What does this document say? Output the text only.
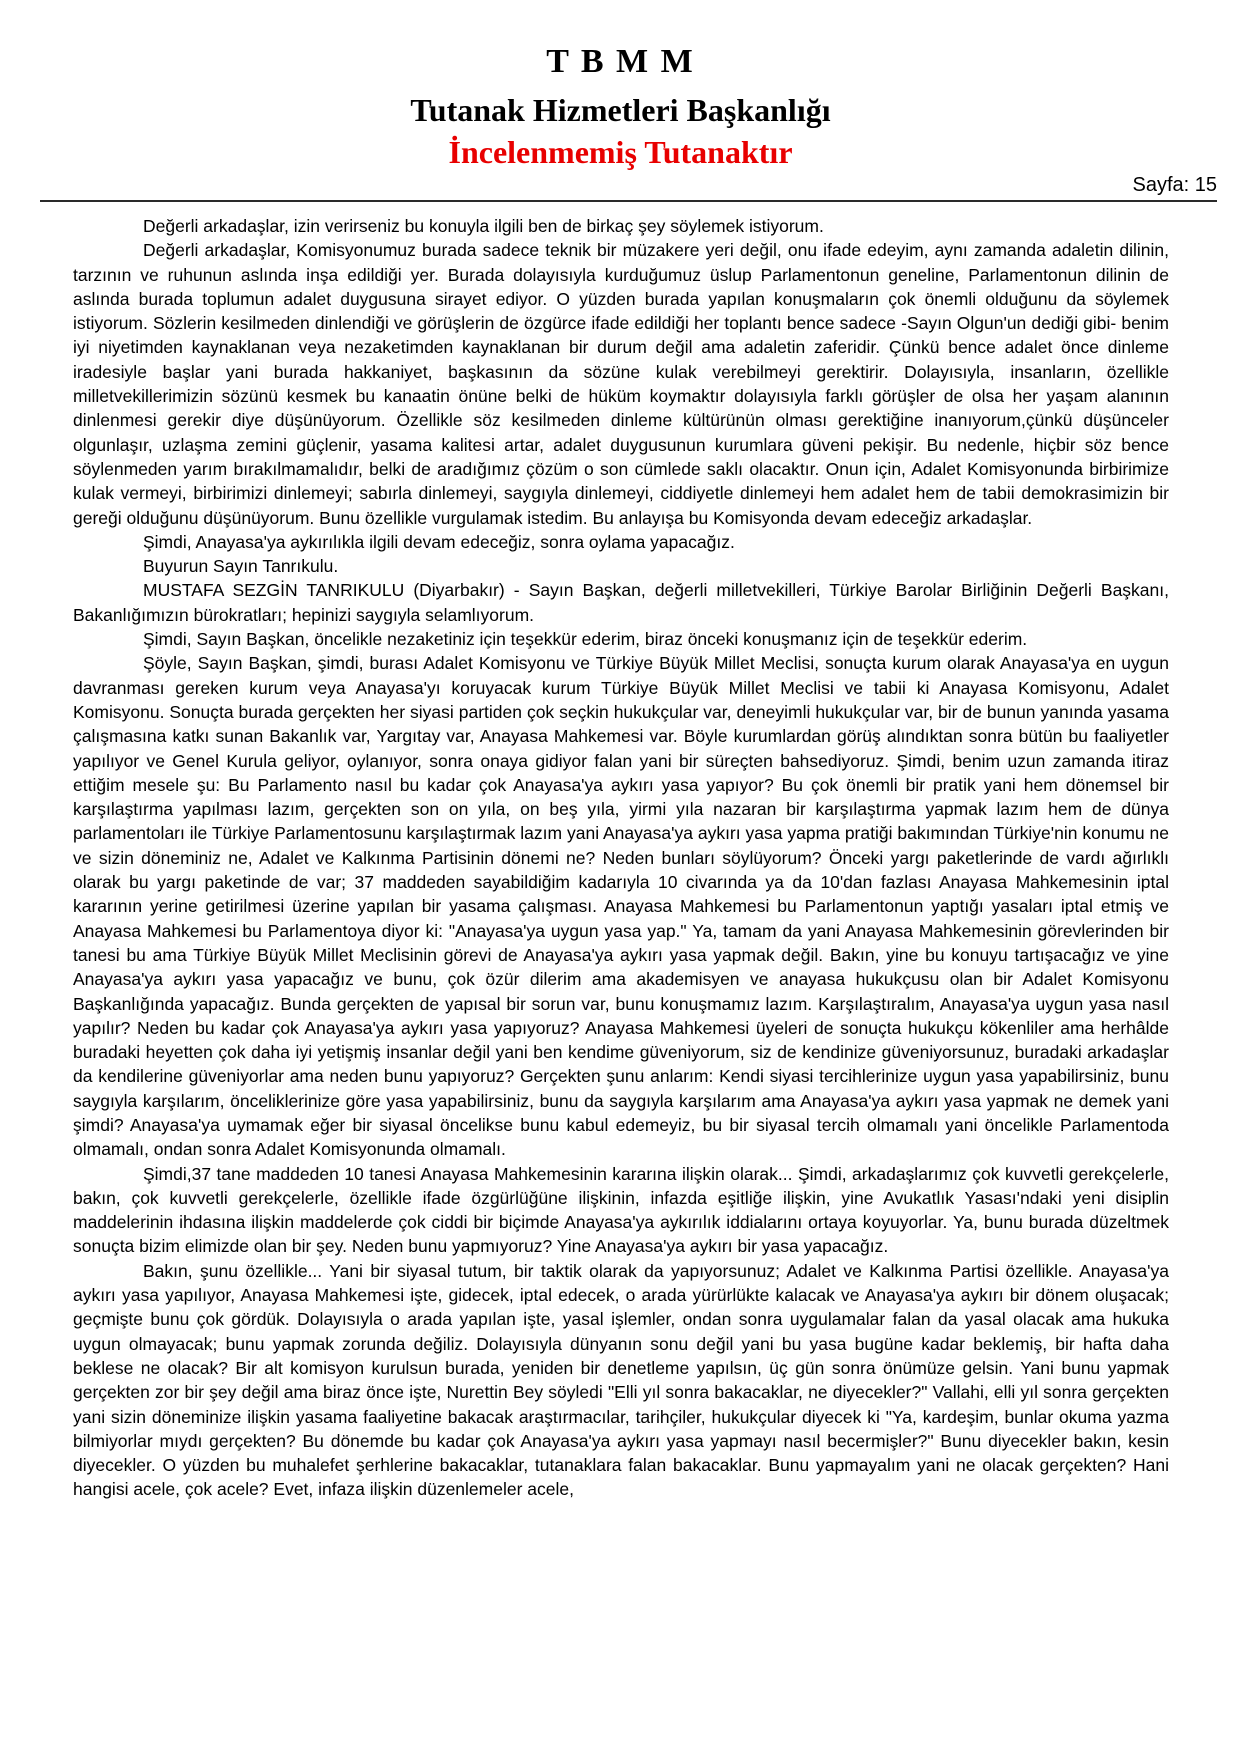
T B M M
Tutanak Hizmetleri Başkanlığı
İncelenmemiş Tutanaktır
Sayfa: 15

Değerli arkadaşlar, izin verirseniz bu konuyla ilgili ben de birkaç şey söylemek istiyorum.

Değerli arkadaşlar, Komisyonumuz burada sadece teknik bir müzakere yeri değil, onu ifade edeyim, aynı zamanda adaletin dilinin, tarzının ve ruhunun aslında inşa edildiği yer. Burada dolayısıyla kurduğumuz üslup Parlamentonun geneline, Parlamentonun dilinin de aslında burada toplumun adalet duygusuna sirayet ediyor. O yüzden burada yapılan konuşmaların çok önemli olduğunu da söylemek istiyorum. Sözlerin kesilmeden dinlendiği ve görüşlerin de özgürce ifade edildiği her toplantı bence sadece -Sayın Olgun'un dediği gibi- benim iyi niyetimden kaynaklanan veya nezaketimden kaynaklanan bir durum değil ama adaletin zaferidir. Çünkü bence adalet önce dinleme iradesiyle başlar yani burada hakkaniyet, başkasının da sözüne kulak verebilmeyi gerektirir. Dolayısıyla, insanların, özellikle milletvekillerimizin sözünü kesmek bu kanaatin önüne belki de hüküm koymaktır dolayısıyla farklı görüşler de olsa her yaşam alanının dinlenmesi gerekir diye düşünüyorum. Özellikle söz kesilmeden dinleme kültürünün olması gerektiğine inanıyorum,çünkü düşünceler olgunlaşır, uzlaşma zemini güçlenir, yasama kalitesi artar, adalet duygusunun kurumlara güveni pekişir. Bu nedenle, hiçbir söz bence söylenmeden yarım bırakılmamalıdır, belki de aradığımız çözüm o son cümlede saklı olacaktır. Onun için, Adalet Komisyonunda birbirimize kulak vermeyi, birbirimizi dinlemeyi; sabırla dinlemeyi, saygıyla dinlemeyi, ciddiyetle dinlemeyi hem adalet hem de tabii demokrasimizin bir gereği olduğunu düşünüyorum. Bunu özellikle vurgulamak istedim. Bu anlayışa bu Komisyonda devam edeceğiz arkadaşlar.

Şimdi, Anayasa'ya aykırılıkla ilgili devam edeceğiz, sonra oylama yapacağız.

Buyurun Sayın Tanrıkulu.

MUSTAFA SEZGİN TANRIKULU (Diyarbakır) - Sayın Başkan, değerli milletvekilleri, Türkiye Barolar Birliğinin Değerli Başkanı, Bakanlığımızın bürokratları; hepinizi saygıyla selamlıyorum.

Şimdi, Sayın Başkan, öncelikle nezaketiniz için teşekkür ederim, biraz önceki konuşmanız için de teşekkür ederim.

Şöyle, Sayın Başkan, şimdi, burası Adalet Komisyonu ve Türkiye Büyük Millet Meclisi, sonuçta kurum olarak Anayasa'ya en uygun davranması gereken kurum veya Anayasa'yı koruyacak kurum Türkiye Büyük Millet Meclisi ve tabii ki Anayasa Komisyonu, Adalet Komisyonu. Sonuçta burada gerçekten her siyasi partiden çok seçkin hukukçular var, deneyimli hukukçular var, bir de bunun yanında yasama çalışmasına katkı sunan Bakanlık var, Yargıtay var, Anayasa Mahkemesi var. Böyle kurumlardan görüş alındıktan sonra bütün bu faaliyetler yapılıyor ve Genel Kurula geliyor, oylanıyor, sonra onaya gidiyor falan yani bir süreçten bahsediyoruz. Şimdi, benim uzun zamanda itiraz ettiğim mesele şu: Bu Parlamento nasıl bu kadar çok Anayasa'ya aykırı yasa yapıyor? Bu çok önemli bir pratik yani hem dönemsel bir karşılaştırma yapılması lazım, gerçekten son on yıla, on beş yıla, yirmi yıla nazaran bir karşılaştırma yapmak lazım hem de dünya parlamentoları ile Türkiye Parlamentosunu karşılaştırmak lazım yani Anayasa'ya aykırı yasa yapma pratiği bakımından Türkiye'nin konumu ne ve sizin döneminiz ne, Adalet ve Kalkınma Partisinin dönemi ne? Neden bunları söylüyorum? Önceki yargı paketlerinde de vardı ağırlıklı olarak bu yargı paketinde de var; 37 maddeden sayabildiğim kadarıyla 10 civarında ya da 10'dan fazlası Anayasa Mahkemesinin iptal kararının yerine getirilmesi üzerine yapılan bir yasama çalışması. Anayasa Mahkemesi bu Parlamentonun yaptığı yasaları iptal etmiş ve Anayasa Mahkemesi bu Parlamentoya diyor ki: "Anayasa'ya uygun yasa yap." Ya, tamam da yani Anayasa Mahkemesinin görevlerinden bir tanesi bu ama Türkiye Büyük Millet Meclisinin görevi de Anayasa'ya aykırı yasa yapmak değil. Bakın, yine bu konuyu tartışacağız ve yine Anayasa'ya aykırı yasa yapacağız ve bunu, çok özür dilerim ama akademisyen ve anayasa hukukçusu olan bir Adalet Komisyonu Başkanlığında yapacağız. Bunda gerçekten de yapısal bir sorun var, bunu konuşmamız lazım. Karşılaştıralım, Anayasa'ya uygun yasa nasıl yapılır? Neden bu kadar çok Anayasa'ya aykırı yasa yapıyoruz? Anayasa Mahkemesi üyeleri de sonuçta hukukçu kökenliler ama herhâlde buradaki heyetten çok daha iyi yetişmiş insanlar değil yani ben kendime güveniyorum, siz de kendinize güveniyorsunuz, buradaki arkadaşlar da kendilerine güveniyorlar ama neden bunu yapıyoruz? Gerçekten şunu anlarım: Kendi siyasi tercihlerinize uygun yasa yapabilirsiniz, bunu saygıyla karşılarım, önceliklerinize göre yasa yapabilirsiniz, bunu da saygıyla karşılarım ama Anayasa'ya aykırı yasa yapmak ne demek yani şimdi? Anayasa'ya uymamak eğer bir siyasal öncelikse bunu kabul edemeyiz, bu bir siyasal tercih olmamalı yani öncelikle Parlamentoda olmamalı, ondan sonra Adalet Komisyonunda olmamalı.

Şimdi,37 tane maddeden 10 tanesi Anayasa Mahkemesinin kararına ilişkin olarak... Şimdi, arkadaşlarımız çok kuvvetli gerekçelerle, bakın, çok kuvvetli gerekçelerle, özellikle ifade özgürlüğüne ilişkinin, infazda eşitliğe ilişkin, yine Avukatlık Yasası'ndaki yeni disiplin maddelerinin ihdasına ilişkin maddelerde çok ciddi bir biçimde Anayasa'ya aykırılık iddialarını ortaya koyuyorlar. Ya, bunu burada düzeltmek sonuçta bizim elimizde olan bir şey. Neden bunu yapmıyoruz? Yine Anayasa'ya aykırı bir yasa yapacağız.

Bakın, şunu özellikle... Yani bir siyasal tutum, bir taktik olarak da yapıyorsunuz; Adalet ve Kalkınma Partisi özellikle. Anayasa'ya aykırı yasa yapılıyor, Anayasa Mahkemesi işte, gidecek, iptal edecek, o arada yürürlükte kalacak ve Anayasa'ya aykırı bir dönem oluşacak; geçmişte bunu çok gördük. Dolayısıyla o arada yapılan işte, yasal işlemler, ondan sonra uygulamalar falan da yasal olacak ama hukuka uygun olmayacak; bunu yapmak zorunda değiliz. Dolayısıyla dünyanın sonu değil yani bu yasa bugüne kadar beklemiş, bir hafta daha beklese ne olacak? Bir alt komisyon kurulsun burada, yeniden bir denetleme yapılsın, üç gün sonra önümüze gelsin. Yani bunu yapmak gerçekten zor bir şey değil ama biraz önce işte, Nurettin Bey söyledi "Elli yıl sonra bakacaklar, ne diyecekler?" Vallahi, elli yıl sonra gerçekten yani sizin döneminize ilişkin yasama faaliyetine bakacak araştırmacılar, tarihçiler, hukukçular diyecek ki "Ya, kardeşim, bunlar okuma yazma bilmiyorlar mıydı gerçekten? Bu dönemde bu kadar çok Anayasa'ya aykırı yasa yapmayı nasıl becermişler?" Bunu diyecekler bakın, kesin diyecekler. O yüzden bu muhalefet şerhlerine bakacaklar, tutanaklara falan bakacaklar. Bunu yapmayalım yani ne olacak gerçekten? Hani hangisi acele, çok acele? Evet, infaza ilişkin düzenlemeler acele,
